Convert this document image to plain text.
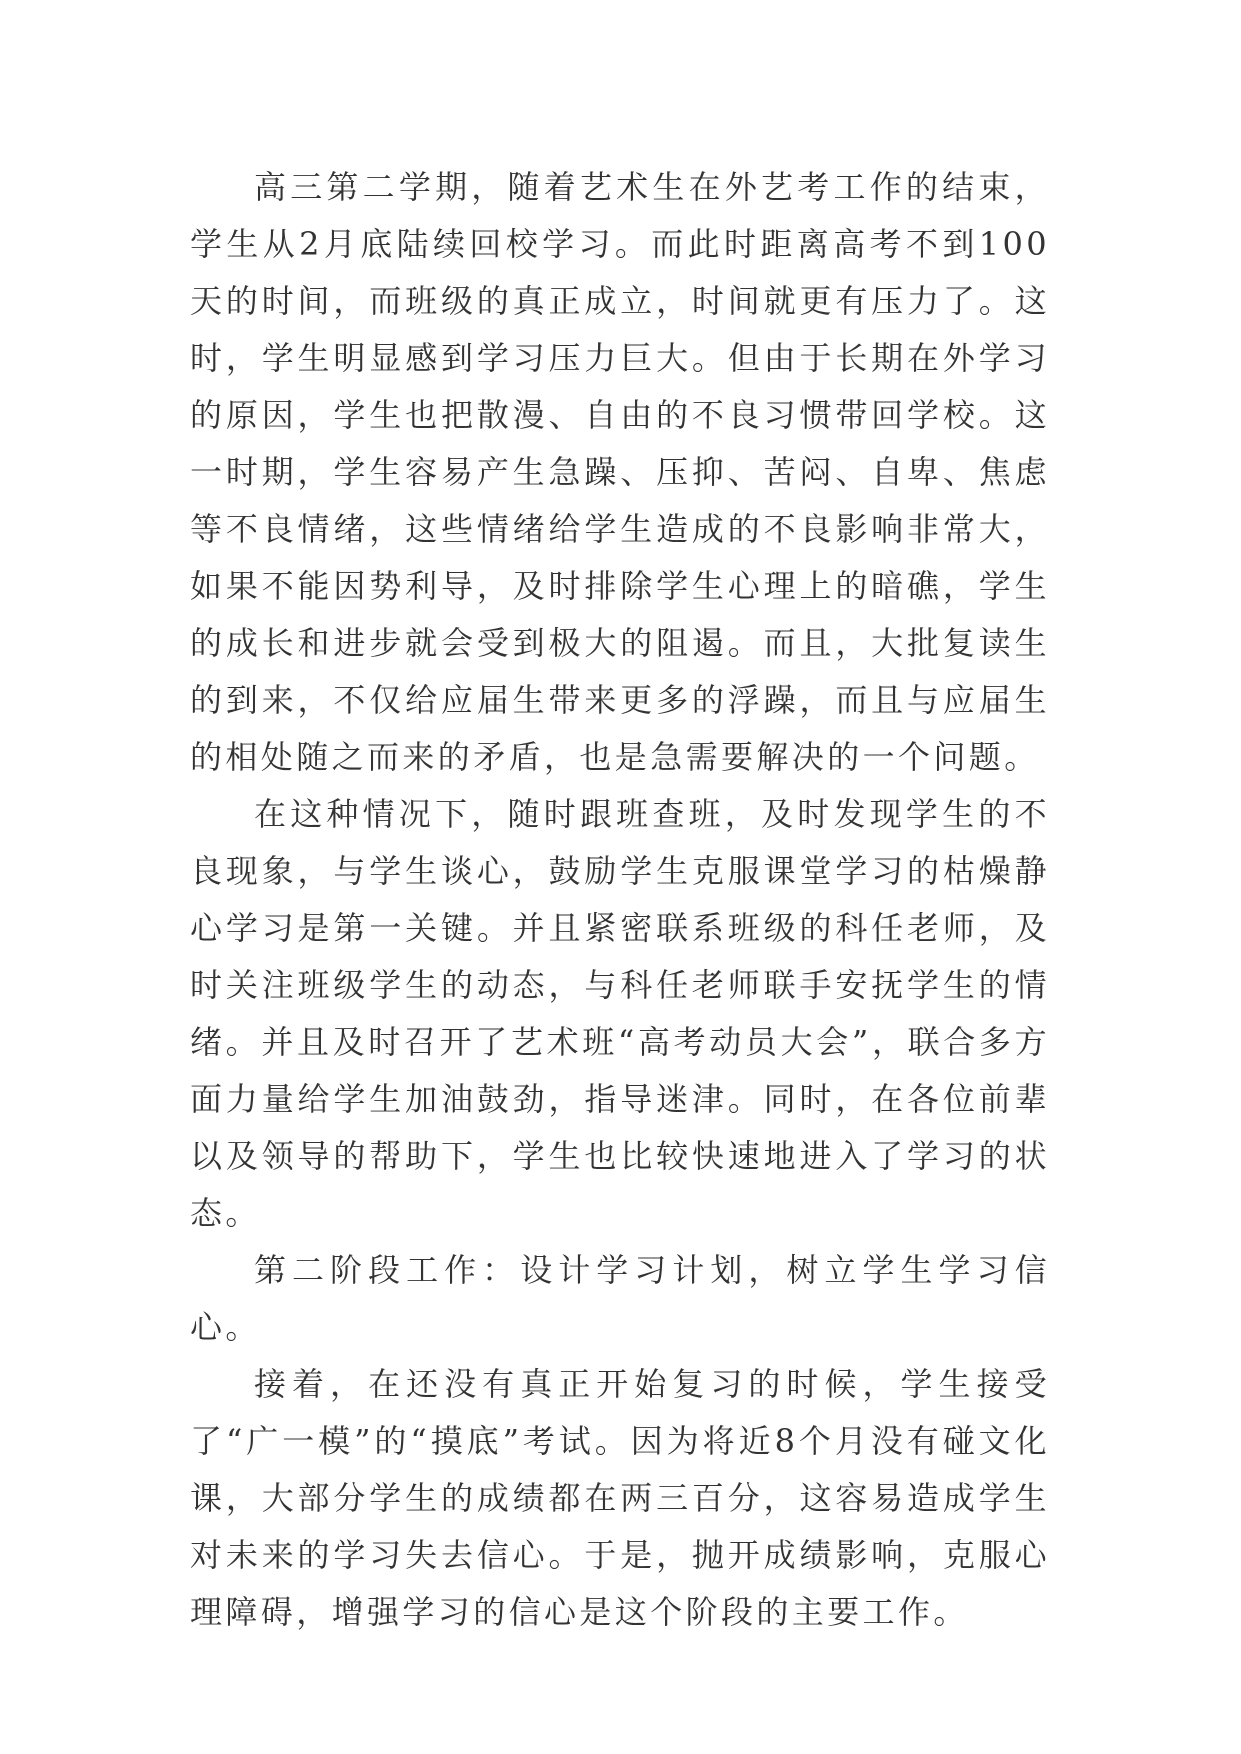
高三第二学期，随着艺术生在外艺考工作的结束，学生从2月底陆续回校学习。而此时距离高考不到100天的时间，而班级的真正成立，时间就更有压力了。这时，学生明显感到学习压力巨大。但由于长期在外学习的原因，学生也把散漫、自由的不良习惯带回学校。这一时期，学生容易产生急躁、压抑、苦闷、自卑、焦虑等不良情绪，这些情绪给学生造成的不良影响非常大，如果不能因势利导，及时排除学生心理上的暗礁，学生的成长和进步就会受到极大的阻遏。而且，大批复读生的到来，不仅给应届生带来更多的浮躁，而且与应届生的相处随之而来的矛盾，也是急需要解决的一个问题。

在这种情况下，随时跟班查班，及时发现学生的不良现象，与学生谈心，鼓励学生克服课堂学习的枯燥静心学习是第一关键。并且紧密联系班级的科任老师，及时关注班级学生的动态，与科任老师联手安抚学生的情绪。并且及时召开了艺术班“高考动员大会”，联合多方面力量给学生加油鼓劲，指导迷津。同时，在各位前辈以及领导的帮助下，学生也比较快速地进入了学习的状态。

第二阶段工作：设计学习计划，树立学生学习信心。

接着，在还没有真正开始复习的时候，学生接受了“广一模”的“摸底”考试。因为将近8个月没有碰文化课，大部分学生的成绩都在两三百分，这容易造成学生对未来的学习失去信心。于是，抛开成绩影响，克服心理障碍，增强学习的信心是这个阶段的主要工作。
